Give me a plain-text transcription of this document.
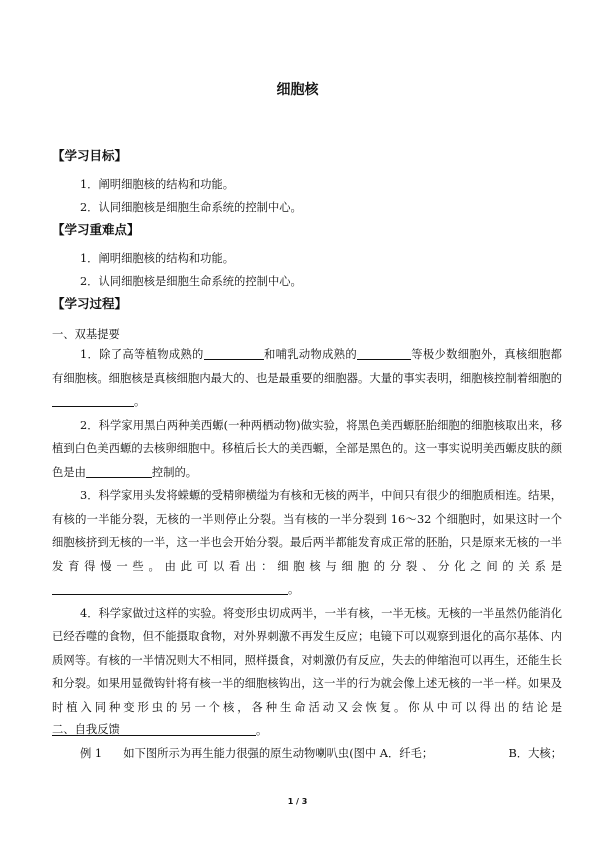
细胞核
【学习目标】
1．阐明细胞核的结构和功能。
2．认同细胞核是细胞生命系统的控制中心。
【学习重难点】
1．阐明细胞核的结构和功能。
2．认同细胞核是细胞生命系统的控制中心。
【学习过程】
一、双基提要

1．除了高等植物成熟的	和哺乳动物成熟的	等极少数细胞外，真核细胞都有细胞核。细胞核是真核细胞内最大的、也是最重要的细胞器。大量的事实表明，细胞核控制着细胞的。

2．科学家用黑白两种美西螈(一种两栖动物)做实验，将黑色美西螈胚胎细胞的细胞核取出来，移植到白色美西螈的去核卵细胞中。移植后长大的美西螈，全部是黑色的。这一事实说明美西螈皮肤的颜色是由	控制的。

3．科学家用头发将蝾螈的受精卵横缢为有核和无核的两半，中间只有很少的细胞质相连。结果，有核的一半能分裂，无核的一半则停止分裂。当有核的一半分裂到 16～32 个细胞时，如果这时一个细胞核挤到无核的一半，这一半也会开始分裂。最后两半都能发育成正常的胚胎，只是原来无核的一半发育得慢一些。由此可以看出：细胞核与细胞的分裂、分化之间的关系是。

4．科学家做过这样的实验。将变形虫切成两半，一半有核，一半无核。无核的一半虽然仍能消化已经吞噬的食物，但不能摄取食物，对外界刺激不再发生反应；电镜下可以观察到退化的高尔基体、内质网等。有核的一半情况则大不相同，照样摄食，对刺激仍有反应，失去的伸缩泡可以再生，还能生长和分裂。如果用显微钩针将有核一半的细胞核钩出，这一半的行为就会像上述无核的一半一样。如果及时植入同种变形虫的另一个核，各种生命活动又会恢复。你从中可以得出的结论是。

二、自我反馈
例 1 如下图所示为再生能力很强的原生动物喇叭虫(图中 A．纤毛；	B．大核；
1 / 3
